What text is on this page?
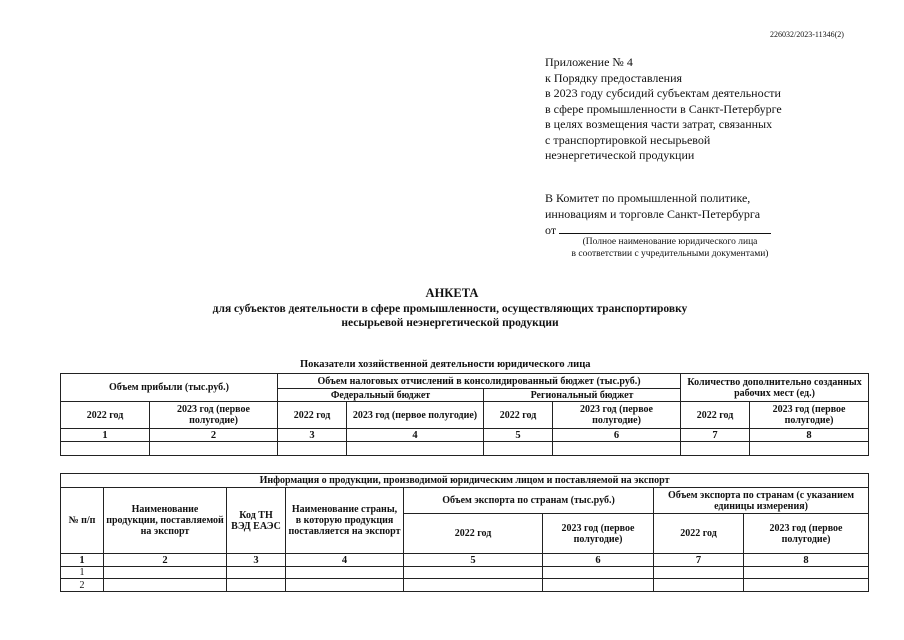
226032/2023-11346(2)
Приложение № 4
к Порядку предоставления
в 2023 году субсидий субъектам деятельности
в сфере промышленности в Санкт-Петербурге
в целях возмещения части затрат, связанных
с транспортировкой несырьевой
неэнергетической продукции
В Комитет по промышленной политике,
инновациям и торговле Санкт-Петербурга
от
(Полное наименование юридического лица
в соответствии с учредительными документами)
АНКЕТА
для субъектов деятельности в сфере промышленности, осуществляющих транспортировку
несырьевой неэнергетической продукции
Показатели хозяйственной деятельности юридического лица
Объем прибыли (тыс.руб.)		Объем налоговых отчислений в консолидированный бюджет (тыс.руб.)				Количество дополнительно созданных рабочих мест (ед.)	
		Федеральный бюджет		Региональный бюджет			
2022 год	2023 год (первое полугодие)	2022 год	2023 год (первое полугодие)	2022 год	2023 год (первое полугодие)	2022 год	2023 год (первое полугодие)
1	2	3	4	5	6	7	8

Информация о продукции, производимой юридическим лицом и поставляемой на экспорт							
№ п/п	Наименование продукции, поставляемой на экспорт	Код ТН ВЭД ЕАЭС	Наименование страны, в которую продукция поставляется на экспорт	Объем экспорта по странам (тыс.руб.)		Объем экспорта по странам (с указанием единицы измерения)	
				2022 год	2023 год (первое полугодие)	2022 год	2023 год (первое полугодие)
1	2	3	4	5	6	7	8
1							
2							
